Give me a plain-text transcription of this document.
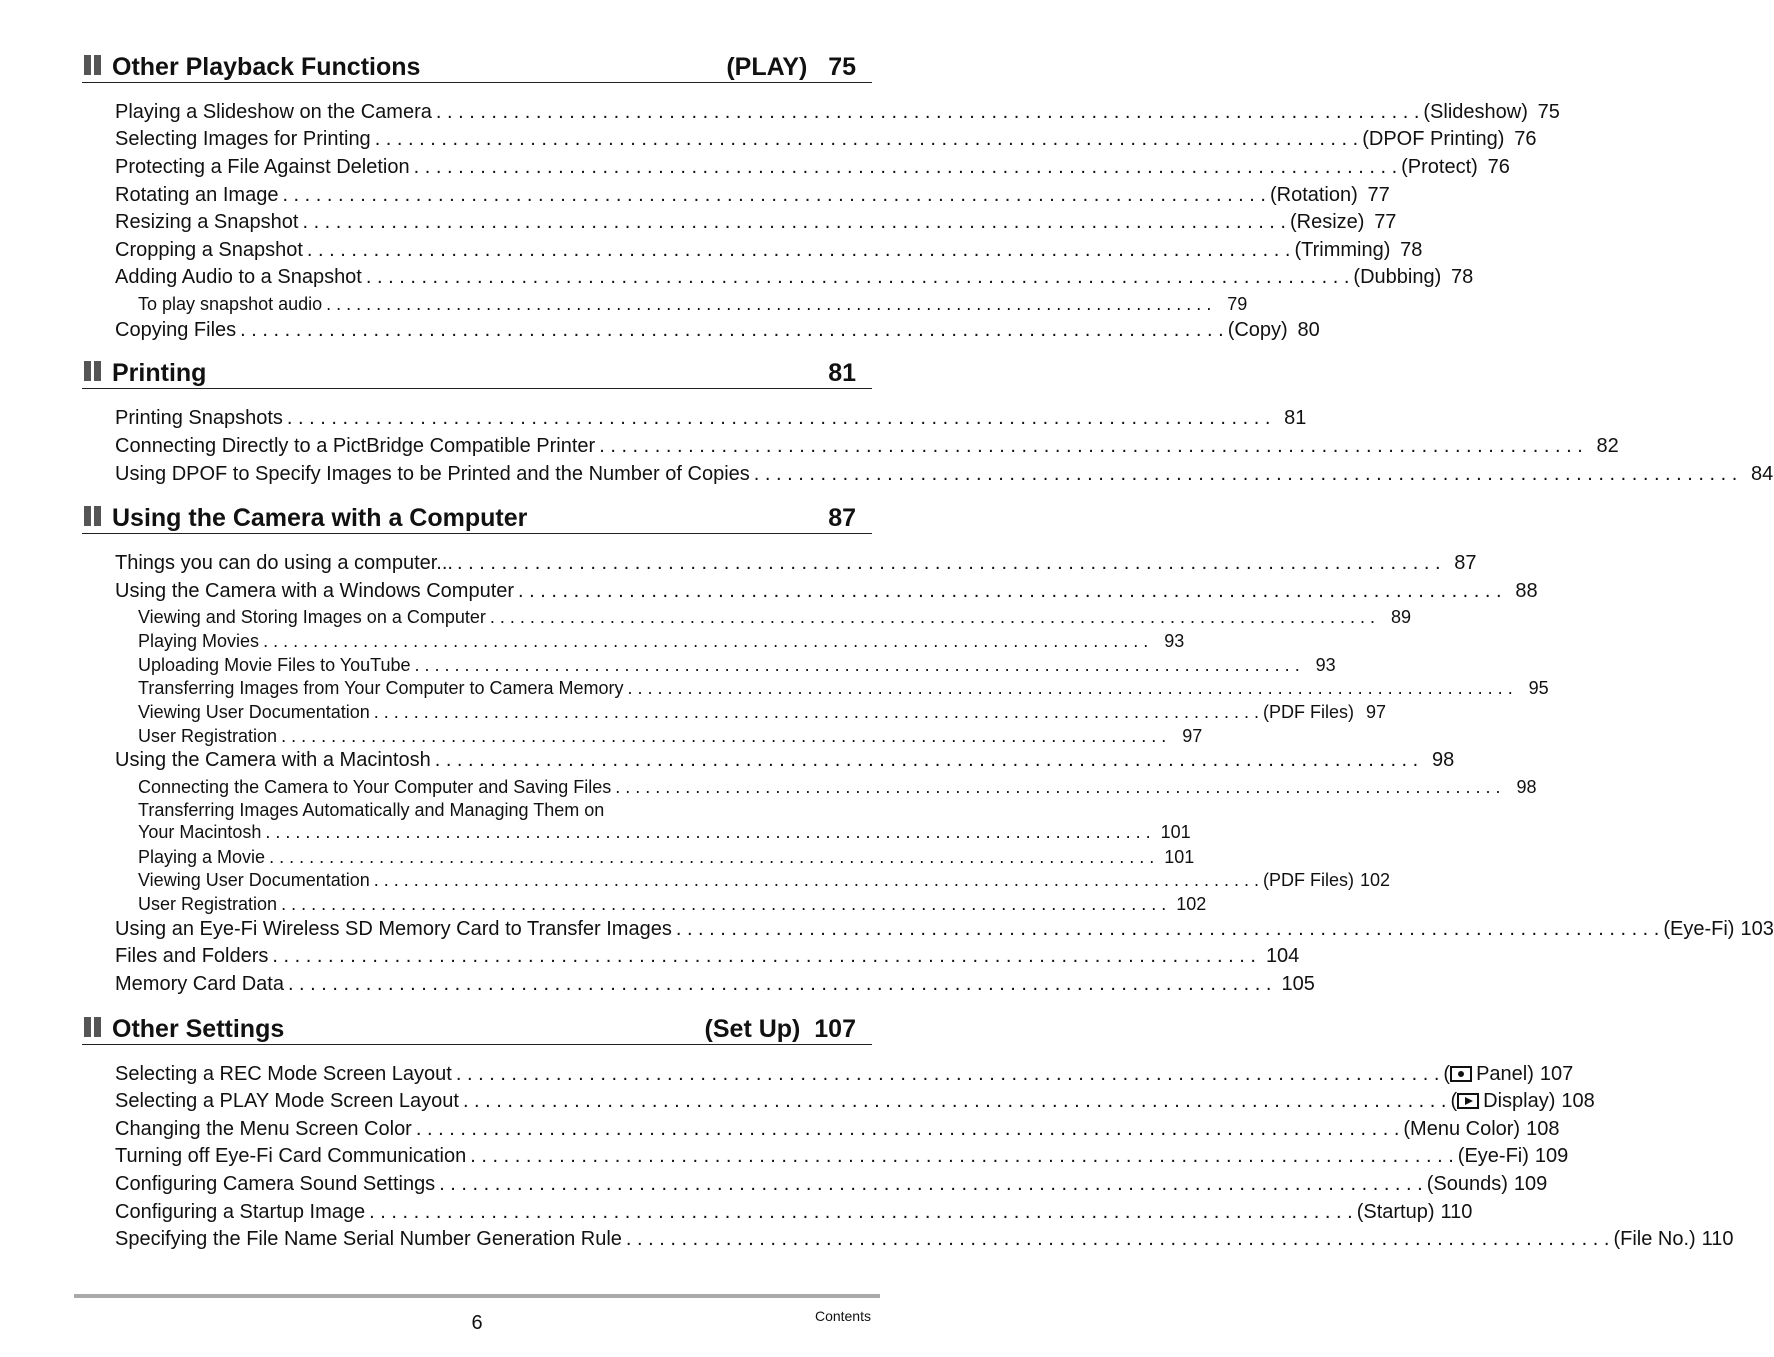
Other Playback Functions	(PLAY) 75
Playing a Slideshow on the Camera . . .	(Slideshow) 75
Selecting Images for Printing . . .	(DPOF Printing) 76
Protecting a File Against Deletion . . .	(Protect) 76
Rotating an Image . . .	(Rotation) 77
Resizing a Snapshot . . .	(Resize) 77
Cropping a Snapshot . . .	(Trimming) 78
Adding Audio to a Snapshot . . .	(Dubbing) 78
To play snapshot audio . . .	79
Copying Files . . .	(Copy) 80
Printing	81
Printing Snapshots . . .	81
Connecting Directly to a PictBridge Compatible Printer . . .	82
Using DPOF to Specify Images to be Printed and the Number of Copies . . .	84
Using the Camera with a Computer	87
Things you can do using a computer... . . .	87
Using the Camera with a Windows Computer . . .	88
Viewing and Storing Images on a Computer . . .	89
Playing Movies . . .	93
Uploading Movie Files to YouTube . . .	93
Transferring Images from Your Computer to Camera Memory . . .	95
Viewing User Documentation . . .	(PDF Files) 97
User Registration . . .	97
Using the Camera with a Macintosh . . .	98
Connecting the Camera to Your Computer and Saving Files . . .	98
Transferring Images Automatically and Managing Them on
Your Macintosh . . .	101
Playing a Movie . . .	101
Viewing User Documentation . . .	(PDF Files) 102
User Registration . . .	102
Using an Eye-Fi Wireless SD Memory Card to Transfer Images . . .	(Eye-Fi) 103
Files and Folders . . .	104
Memory Card Data . . .	105
Other Settings	(Set Up) 107
Selecting a REC Mode Screen Layout . . .	( Panel) 107
Selecting a PLAY Mode Screen Layout . . .	( Display) 108
Changing the Menu Screen Color . . .	(Menu Color) 108
Turning off Eye-Fi Card Communication . . .	(Eye-Fi) 109
Configuring Camera Sound Settings . . .	(Sounds) 109
Configuring a Startup Image . . .	(Startup) 110
Specifying the File Name Serial Number Generation Rule . . .	(File No.) 110
6	Contents
